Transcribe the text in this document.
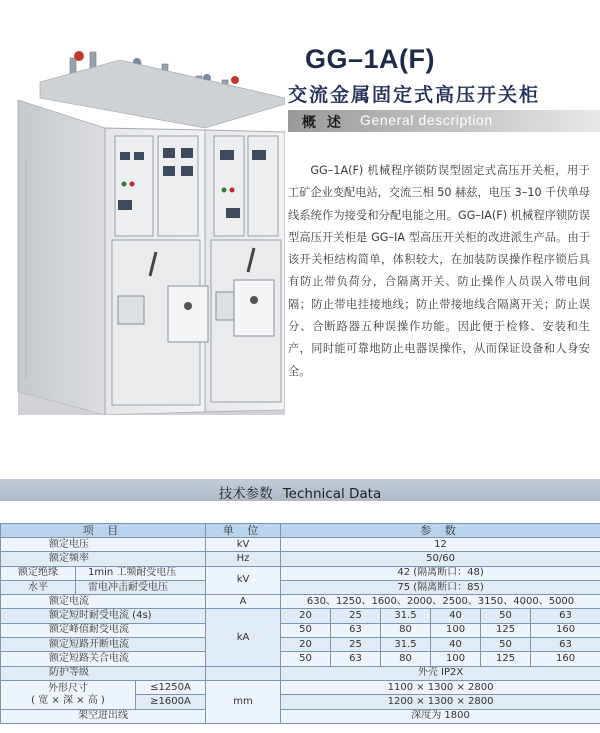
GG–1A(F)
交流金属固定式高压开关柜
概 述 General description
GG–1A(F) 机械程序锁防误型固定式高压开关柜，用于工矿企业变配电站，交流三相 50 赫兹，电压 3–10 千伏单母线系统作为接受和分配电能之用。GG–IA(F) 机械程序锁防误型高压开关柜是 GG–IA 型高压开关柜的改进派生产品。由于该开关柜结构简单，体积较大，在加装防误操作程序锁后具有防止带负荷分，合隔离开关、防止操作人员误入带电间隔；防止带电挂接地线；防止带接地线合隔离开关；防止误分、合断路器五种误操作功能。因此便于检修、安装和生产，同时能可靠地防止电器误操作，从而保证设备和人身安全。
技术参数 Technical Data
项 目			单 位	参 数					
额定电压			kV	12					
额定频率			Hz	50/60					
额定绝缘	1min 工频耐受电压		kV	42 (隔离断口：48)					
水平	雷电冲击耐受电压			75 (隔离断口：85)					
额定电流			A	630、1250、1600、2000、2500、3150、4000、5000					
额定短时耐受电流 (4s)			kA	20	25	31.5	40	50	63
额定峰值耐受电流				50	63	80	100	125	160
额定短路开断电流				20	25	31.5	40	50	63
额定短路关合电流				50	63	80	100	125	160
防护等级				外壳 IP2X					

外形尺寸
( 宽 × 深 × 高 )		≤1250A	mm	1100 × 1300 × 2800					
		≥1600A		1200 × 1300 × 2800					
架空进出线				深度为 1800					
